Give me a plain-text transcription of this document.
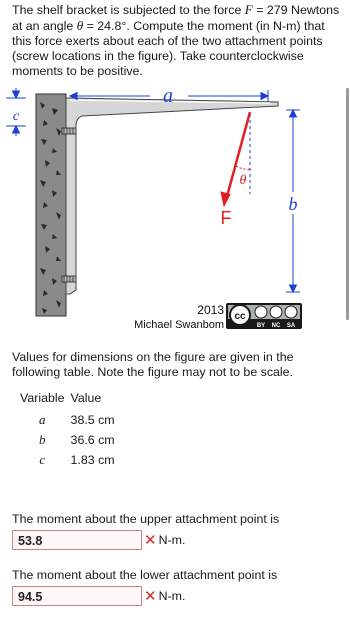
The shelf bracket is subjected to the force F = 279 Newtons at an angle θ = 24.8°. Compute the moment (in N-m) that this force exerts about each of the two attachment points (screw locations in the figure). Take counterclockwise moments to be positive.
a
c
b
θ
F
2013
Michael Swanbom
cc
BY NC SA
Values for dimensions on the figure are given in the following table. Note the figure may not to be scale.
Variable	Value
a	38.5 cm
b	36.6 cm
c	1.83 cm
The moment about the upper attachment point is
53.8	✕ N-m.
The moment about the lower attachment point is
94.5	✕ N-m.
